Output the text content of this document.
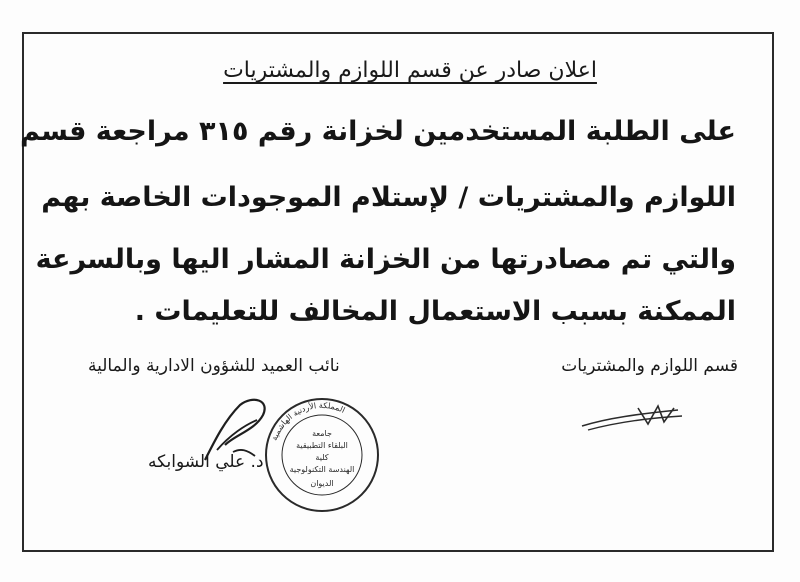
اعلان صادر عن قسم اللوازم والمشتريات
على الطلبة المستخدمين لخزانة رقم ٣١٥ مراجعة قسم
اللوازم والمشتريات / لإستلام الموجودات الخاصة بهم
والتي تم مصادرتها من الخزانة المشار اليها وبالسرعة
الممكنة بسبب الاستعمال المخالف للتعليمات .
قسم اللوازم والمشتريات
نائب العميد للشؤون الادارية والمالية
د. علي الشوابكه
المملكة الأردنية الهاشمية
جامعة
البلقاء التطبيقية
كلية
الهندسة التكنولوجية
الديوان
